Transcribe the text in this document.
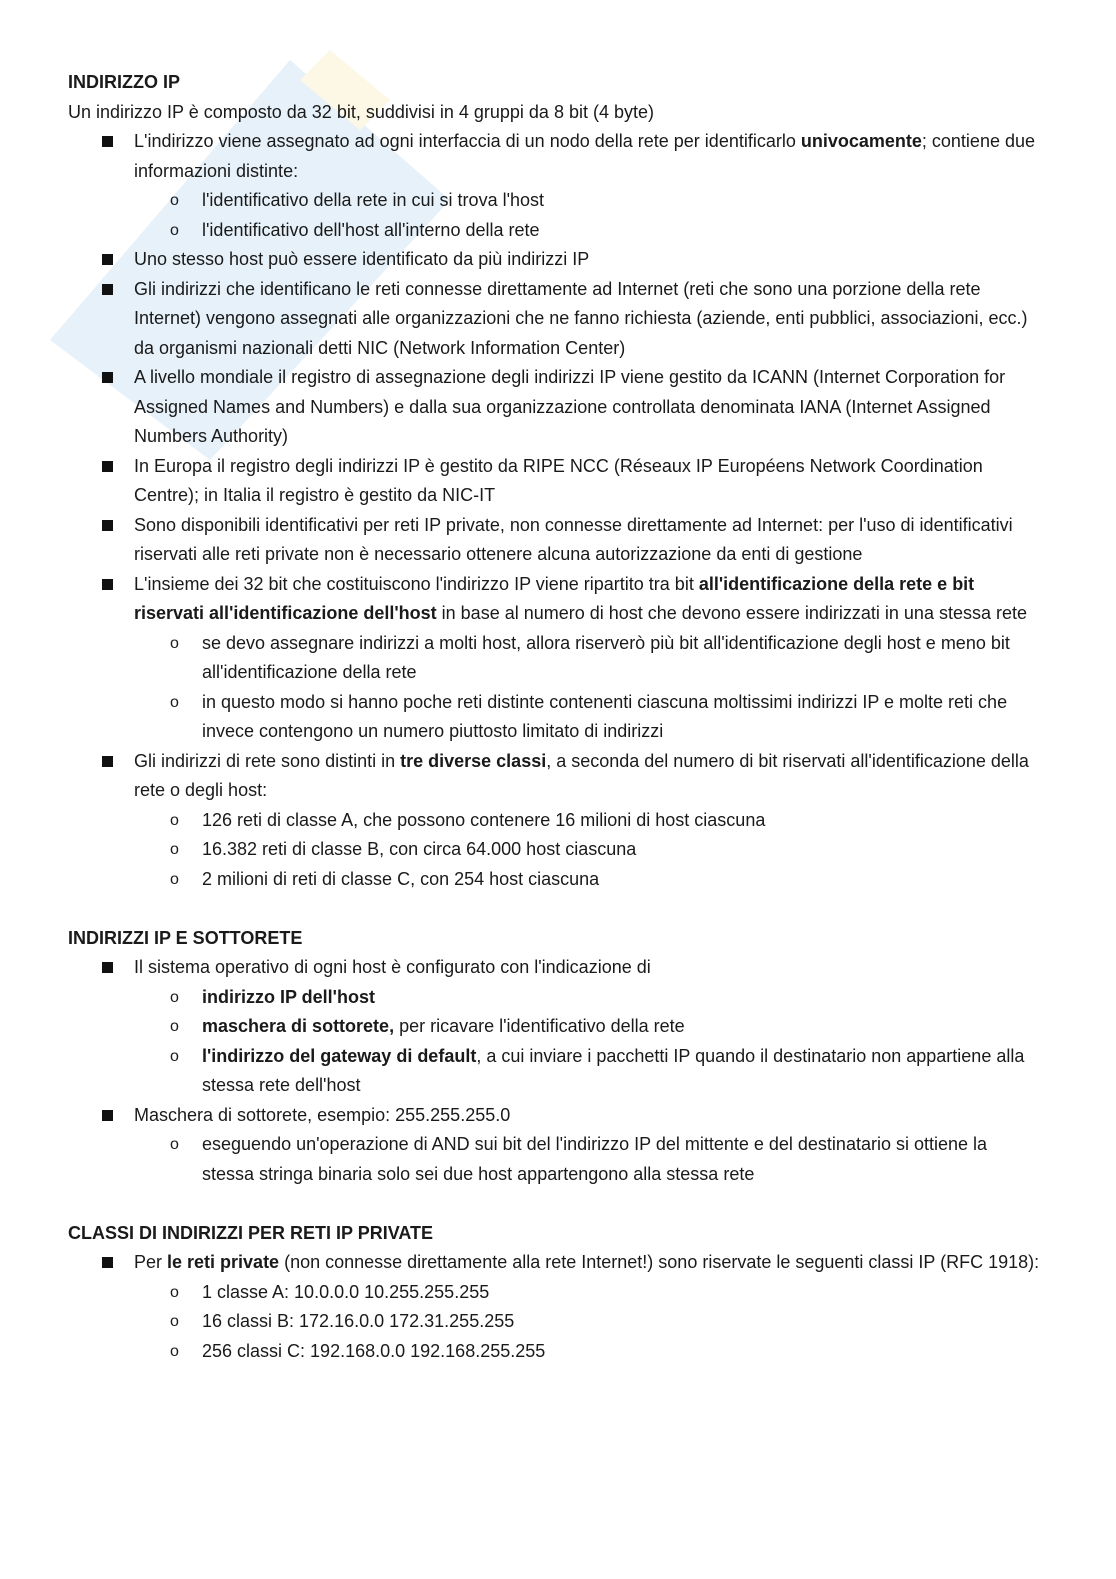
INDIRIZZO IP

Un indirizzo IP è composto da 32 bit, suddivisi in 4 gruppi da 8 bit (4 byte)

L'indirizzo viene assegnato ad ogni interfaccia di un nodo della rete per identificarlo univocamente; contiene due informazioni distinte:
o l'identificativo della rete in cui si trova l'host
o l'identificativo dell'host all'interno della rete
Uno stesso host può essere identificato da più indirizzi IP
Gli indirizzi che identificano le reti connesse direttamente ad Internet (reti che sono una porzione della rete Internet) vengono assegnati alle organizzazioni che ne fanno richiesta (aziende, enti pubblici, associazioni, ecc.) da organismi nazionali detti NIC (Network Information Center)
A livello mondiale il registro di assegnazione degli indirizzi IP viene gestito da ICANN (Internet Corporation for Assigned Names and Numbers) e dalla sua organizzazione controllata denominata IANA (Internet Assigned Numbers Authority)
In Europa il registro degli indirizzi IP è gestito da RIPE NCC (Réseaux IP Européens Network Coordination Centre); in Italia il registro è gestito da NIC-IT
Sono disponibili identificativi per reti IP private, non connesse direttamente ad Internet: per l'uso di identificativi riservati alle reti private non è necessario ottenere alcuna autorizzazione da enti di gestione
L'insieme dei 32 bit che costituiscono l'indirizzo IP viene ripartito tra bit all'identificazione della rete e bit riservati all'identificazione dell'host in base al numero di host che devono essere indirizzati in una stessa rete
o se devo assegnare indirizzi a molti host, allora riserverò più bit all'identificazione degli host e meno bit all'identificazione della rete
o in questo modo si hanno poche reti distinte contenenti ciascuna moltissimi indirizzi IP e molte reti che invece contengono un numero piuttosto limitato di indirizzi
Gli indirizzi di rete sono distinti in tre diverse classi, a seconda del numero di bit riservati all'identificazione della rete o degli host:
o 126 reti di classe A, che possono contenere 16 milioni di host ciascuna
o 16.382 reti di classe B, con circa 64.000 host ciascuna
o 2 milioni di reti di classe C, con 254 host ciascuna

INDIRIZZI IP E SOTTORETE

Il sistema operativo di ogni host è configurato con l'indicazione di
o indirizzo IP dell'host
o maschera di sottorete, per ricavare l'identificativo della rete
o l'indirizzo del gateway di default, a cui inviare i pacchetti IP quando il destinatario non appartiene alla stessa rete dell'host
Maschera di sottorete, esempio: 255.255.255.0
o eseguendo un'operazione di AND sui bit del l'indirizzo IP del mittente e del destinatario si ottiene la stessa stringa binaria solo sei due host appartengono alla stessa rete

CLASSI DI INDIRIZZI PER RETI IP PRIVATE

Per le reti private (non connesse direttamente alla rete Internet!) sono riservate le seguenti classi IP (RFC 1918):
o 1 classe A: 10.0.0.0 10.255.255.255
o 16 classi B: 172.16.0.0 172.31.255.255
o 256 classi C: 192.168.0.0 192.168.255.255
